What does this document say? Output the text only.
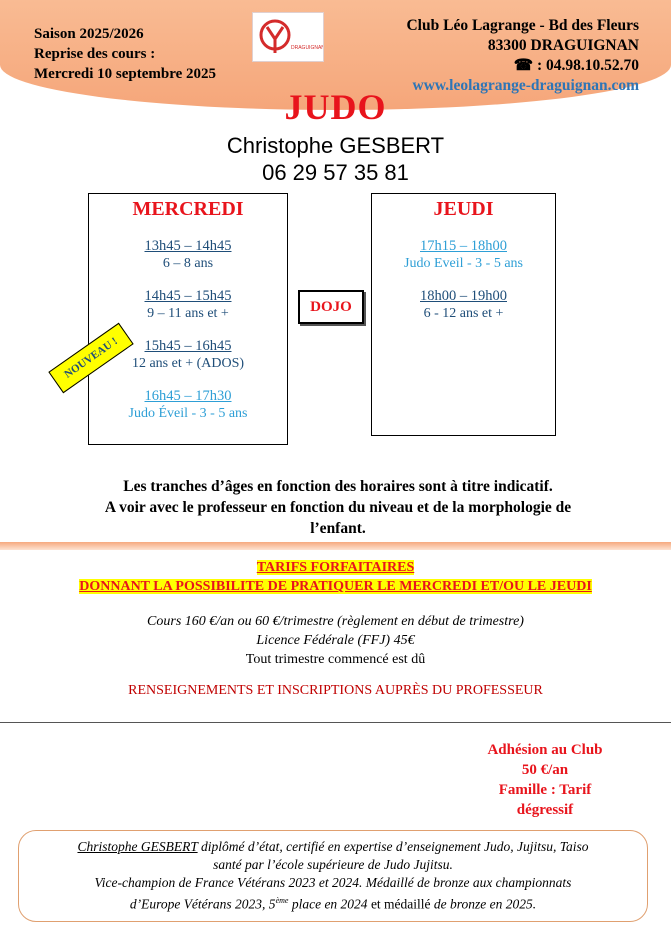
Saison 2025/2026
Reprise des cours :
Mercredi 10 septembre 2025
DRAGUIGNAN
Club Léo Lagrange - Bd des Fleurs
83300 DRAGUIGNAN
☎ : 04.98.10.52.70
www.leolagrange-draguignan.com
JUDO
Christophe GESBERT
06 29 57 35 81
MERCREDI
13h45 – 14h45
6 – 8 ans
14h45 – 15h45
9 – 11 ans et +
15h45 – 16h45
12 ans et + (ADOS)
16h45 – 17h30
Judo Éveil - 3 - 5 ans
NOUVEAU !
DOJO
JEUDI
17h15 – 18h00
Judo Eveil - 3 - 5 ans
18h00 – 19h00
6 - 12 ans et +
Les tranches d’âges en fonction des horaires sont à titre indicatif.
A voir avec le professeur en fonction du niveau et de la morphologie de
l’enfant.
TARIFS FORFAITAIRES
DONNANT LA POSSIBILITE DE PRATIQUER LE MERCREDI ET/OU LE JEUDI
Cours 160 €/an ou 60 €/trimestre (règlement en début de trimestre)
Licence Fédérale (FFJ) 45€
Tout trimestre commencé est dû
RENSEIGNEMENTS ET INSCRIPTIONS AUPRÈS DU PROFESSEUR
Adhésion au Club
50 €/an
Famille : Tarif
dégressif
Christophe GESBERT diplômé d’état, certifié en expertise d’enseignement Judo, Jujitsu, Taiso
santé par l’école supérieure de Judo Jujitsu.
Vice-champion de France Vétérans 2023 et 2024. Médaillé de bronze aux championnats
d’Europe Vétérans 2023, 5ème place en 2024 et médaillé de bronze en 2025.
